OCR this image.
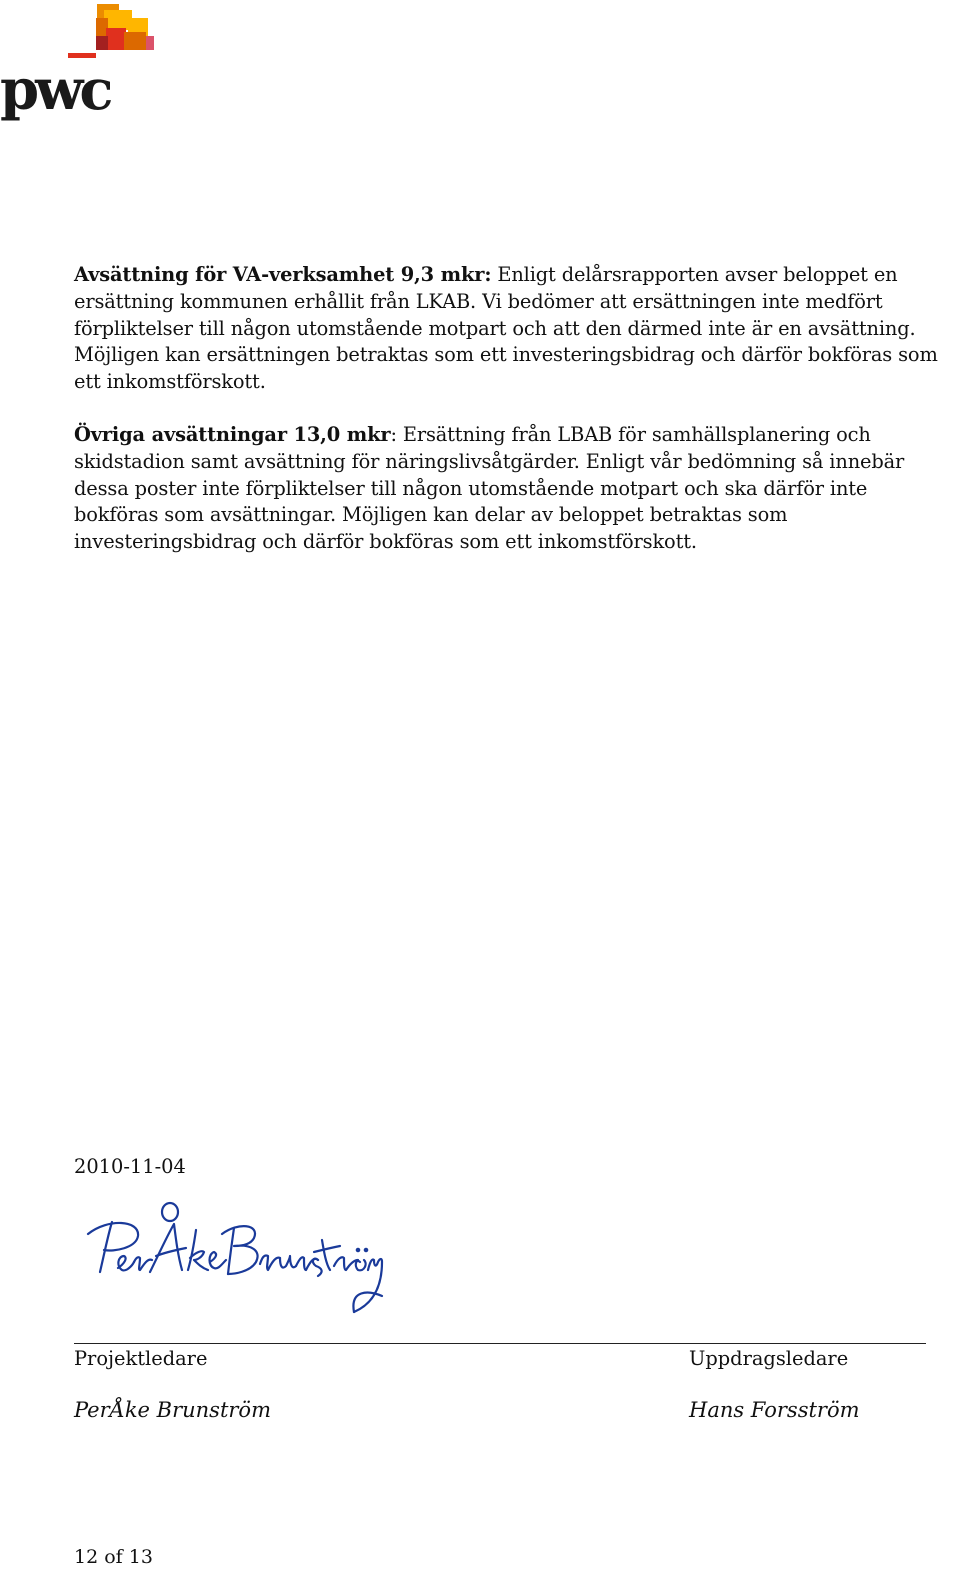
pwc

Avsättning för VA-verksamhet 9,3 mkr: Enligt delårsrapporten avser beloppet en ersättning kommunen erhållit från LKAB. Vi bedömer att ersättningen inte medfört förpliktelser till någon utomstående motpart och att den därmed inte är en avsättning. Möjligen kan ersättningen betraktas som ett investeringsbidrag och därför bokföras som ett inkomstförskott.

Övriga avsättningar 13,0 mkr: Ersättning från LBAB för samhällsplanering och skidstadion samt avsättning för näringslivsåtgärder. Enligt vår bedömning så innebär dessa poster inte förpliktelser till någon utomstående motpart och ska därför inte bokföras som avsättningar. Möjligen kan delar av beloppet betraktas som investeringsbidrag och därför bokföras som ett inkomstförskott.

2010-11-04
Projektledare	Uppdragsledare
PerÅke Brunström	Hans Forsström
12 of 13
